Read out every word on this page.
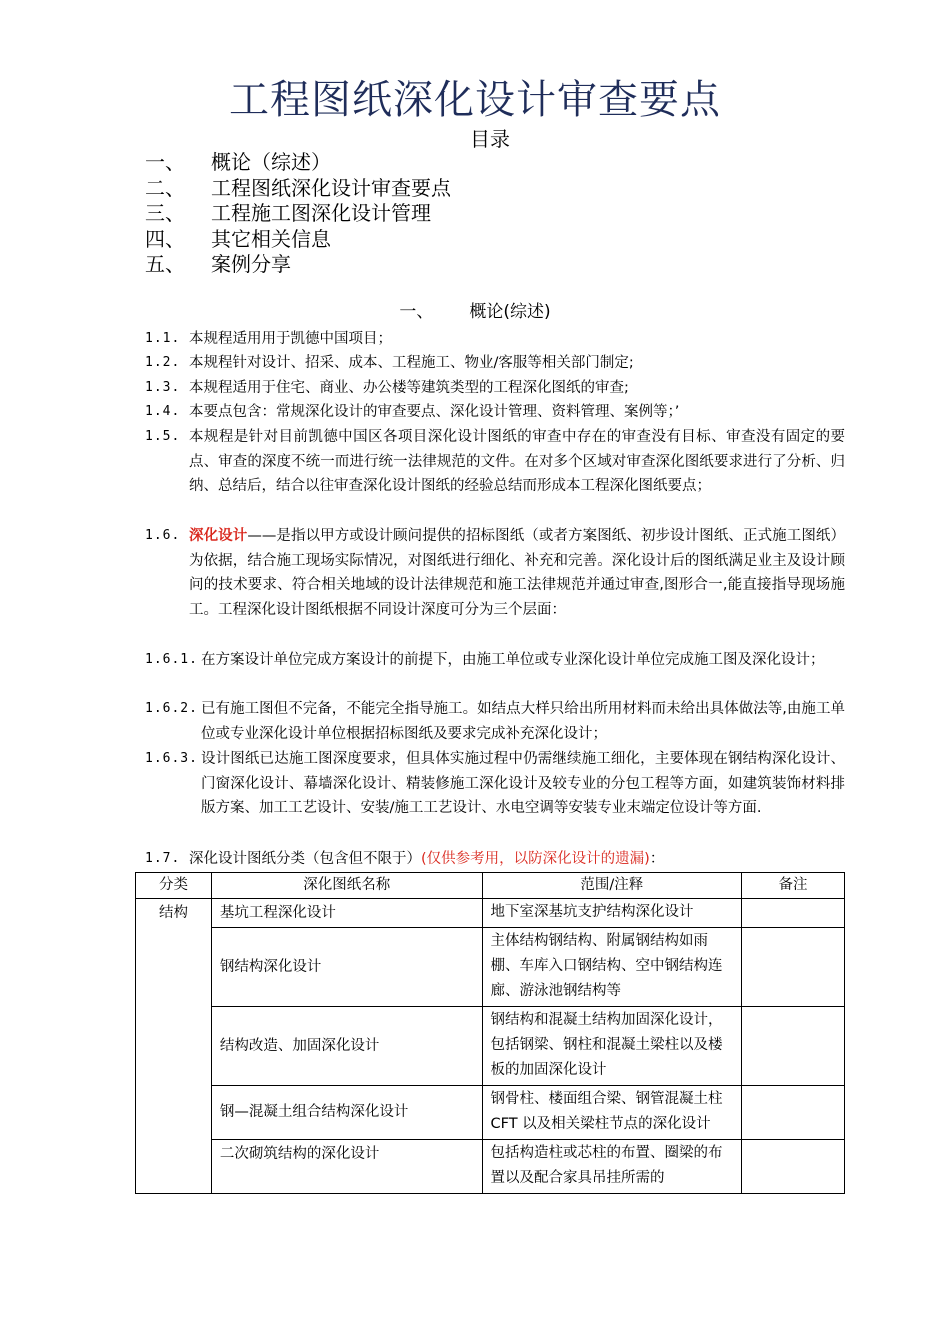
工程图纸深化设计审查要点
目录
一、 概论（综述）
二、 工程图纸深化设计审查要点
三、 工程施工图深化设计管理
四、 其它相关信息
五、 案例分享
一、 概论(综述)
1.1. 本规程适用用于凯德中国项目；
1.2. 本规程针对设计、招采、成本、工程施工、物业/客服等相关部门制定;
1.3. 本规程适用于住宅、商业、办公楼等建筑类型的工程深化图纸的审查;
1.4. 本要点包含：常规深化设计的审查要点、深化设计管理、资料管理、案例等；’
1.5. 本规程是针对目前凯德中国区各项目深化设计图纸的审查中存在的审查没有目标、审查没有固定的要点、审查的深度不统一而进行统一法律规范的文件。在对多个区域对审查深化图纸要求进行了分析、归纳、总结后，结合以往审查深化设计图纸的经验总结而形成本工程深化图纸要点；
1.6. 深化设计——是指以甲方或设计顾问提供的招标图纸（或者方案图纸、初步设计图纸、正式施工图纸）为依据，结合施工现场实际情况，对图纸进行细化、补充和完善。深化设计后的图纸满足业主及设计顾问的技术要求、符合相关地域的设计法律规范和施工法律规范并通过审查,图形合一,能直接指导现场施工。工程深化设计图纸根据不同设计深度可分为三个层面：
1.6.1. 在方案设计单位完成方案设计的前提下，由施工单位或专业深化设计单位完成施工图及深化设计；
1.6.2. 已有施工图但不完备，不能完全指导施工。如结点大样只给出所用材料而未给出具体做法等,由施工单位或专业深化设计单位根据招标图纸及要求完成补充深化设计；
1.6.3. 设计图纸已达施工图深度要求，但具体实施过程中仍需继续施工细化，主要体现在钢结构深化设计、门窗深化设计、幕墙深化设计、精装修施工深化设计及较专业的分包工程等方面，如建筑装饰材料排版方案、加工工艺设计、安装/施工工艺设计、水电空调等安装专业末端定位设计等方面.
1.7. 深化设计图纸分类（包含但不限于）(仅供参考用，以防深化设计的遗漏)：
分类	深化图纸名称	范围/注释	备注
结构	基坑工程深化设计	地下室深基坑支护结构深化设计	
	钢结构深化设计	主体结构钢结构、附属钢结构如雨棚、车库入口钢结构、空中钢结构连廊、游泳池钢结构等	
	结构改造、加固深化设计	钢结构和混凝土结构加固深化设计，包括钢梁、钢柱和混凝土梁柱以及楼板的加固深化设计	
	钢—混凝土组合结构深化设计	钢骨柱、楼面组合梁、钢管混凝土柱 CFT 以及相关梁柱节点的深化设计	
	二次砌筑结构的深化设计	包括构造柱或芯柱的布置、圈梁的布置以及配合家具吊挂所需的	
